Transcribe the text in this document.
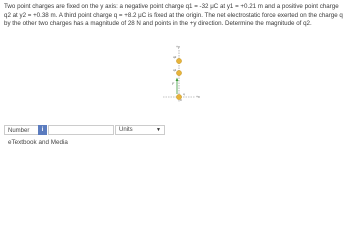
Two point charges are fixed on the y axis: a negative point charge q1 = -32 μC at y1 = +0.21 m and a positive point charge q2 at y2 = +0.38 m. A third point charge q = +8.2 μC is fixed at the origin. The net electrostatic force exerted on the charge q by the other two charges has a magnitude of 28 N and points in the +y direction. Determine the magnitude of q2.
+y
+x
0
q2
q1
F
q
Number	i	Units	▼
eTextbook and Media
